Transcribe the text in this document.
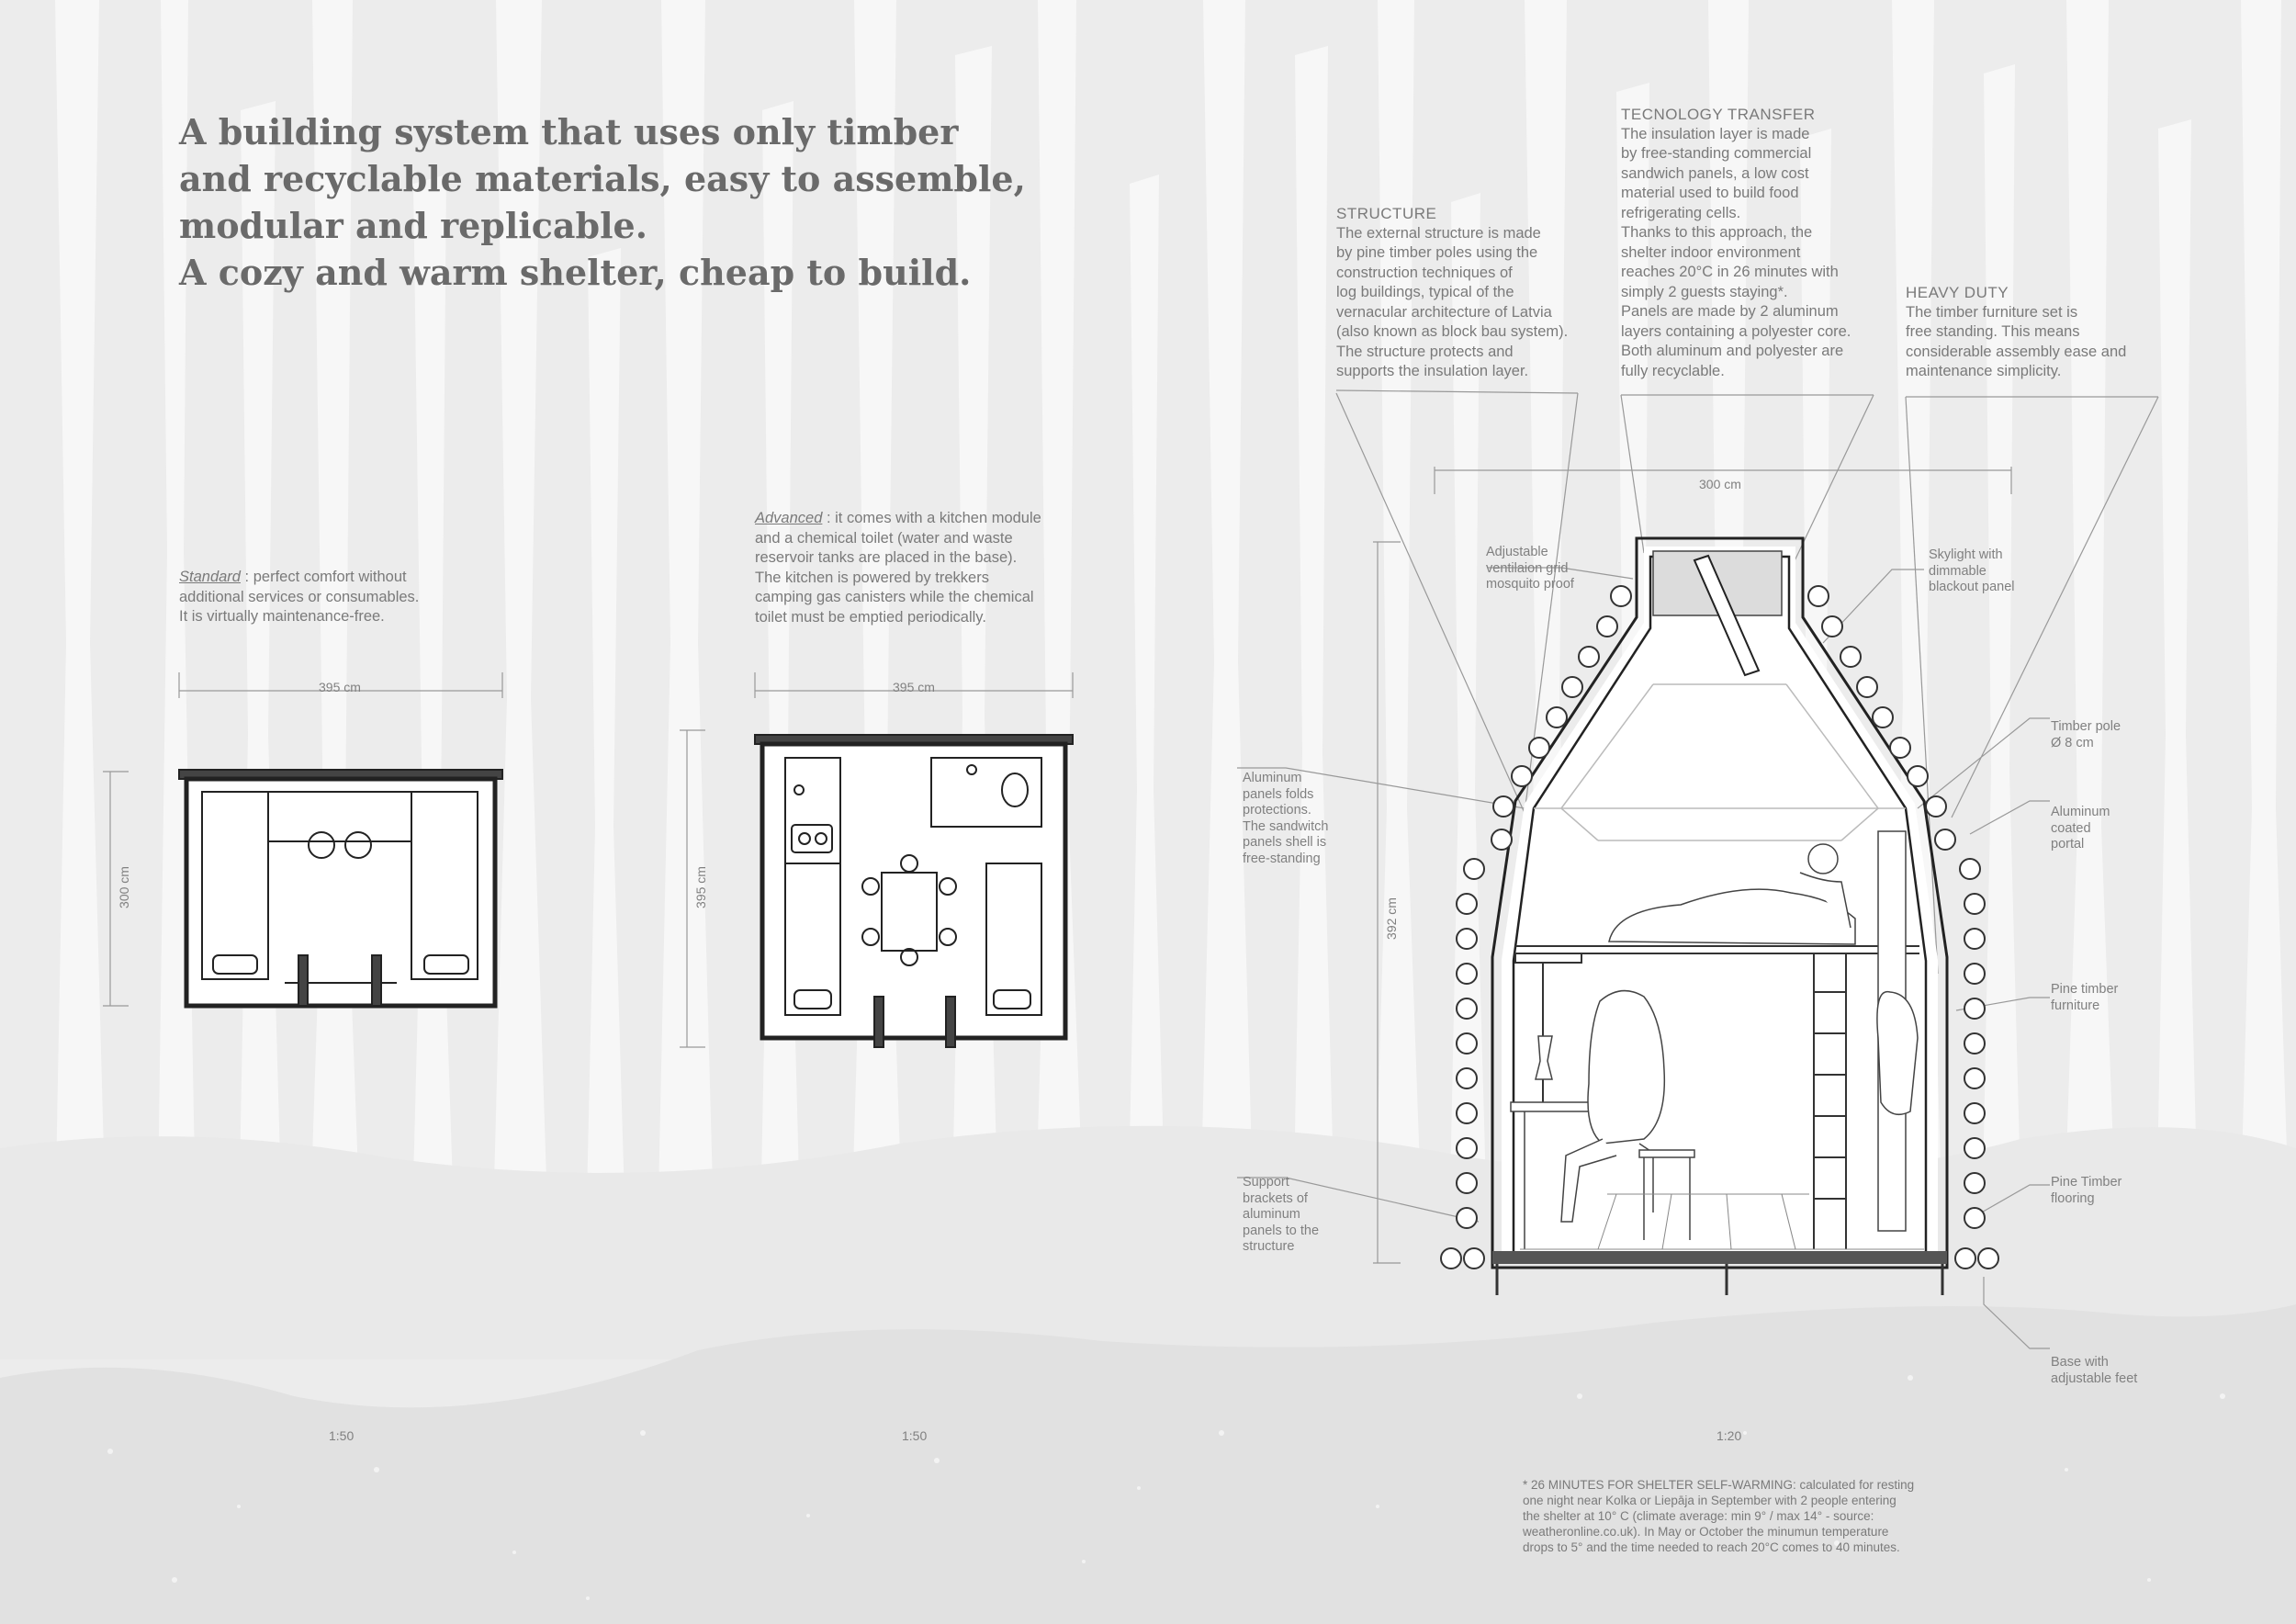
A building system that uses only timber
and recyclable materials, easy to assemble,
modular and replicable.
A cozy and warm shelter, cheap to build.
Standard : perfect comfort without
additional services or consumables.
It is virtually maintenance-free.
Advanced : it comes with a kitchen module
and a chemical toilet (water and waste
reservoir tanks are placed in the base).
The kitchen is powered by trekkers
camping gas canisters while the chemical
toilet must be emptied periodically.
STRUCTURE
The external structure is made
by pine timber poles using the
construction techniques of
log buildings, typical of the
vernacular architecture of Latvia
(also known as block bau system).
The structure protects and
supports the insulation layer.
TECNOLOGY TRANSFER
The insulation layer is made
by free-standing commercial
sandwich panels, a low cost
material used to build food
refrigerating cells.
Thanks to this approach, the
shelter indoor environment
reaches 20°C in 26 minutes with
simply 2 guests staying*.
Panels are made by 2 aluminum
layers containing a polyester core.
Both aluminum and polyester are
fully recyclable.
HEAVY DUTY
The timber furniture set is
free standing. This means
considerable assembly ease and
maintenance simplicity.
Adjustable
ventilaion grid
mosquito proof
Skylight with
dimmable
blackout panel
Timber pole
Ø 8 cm
Aluminum
coated
portal
Aluminum
panels folds
protections.
The sandwitch
panels shell is
free-standing
Pine timber
furniture
Support
brackets of
aluminum
panels to the
structure
Pine Timber
flooring
Base with
adjustable feet
395 cm
300 cm
395 cm
395 cm
300 cm
392 cm
1:50	1:50	1:20
* 26 MINUTES FOR SHELTER SELF-WARMING: calculated for resting
one night near Kolka or Liepāja in September with 2 people entering
the shelter at 10° C (climate average: min 9° / max 14° - source:
weatheronline.co.uk). In May or October the minumun temperature
drops to 5° and the time needed to reach 20°C comes to 40 minutes.
